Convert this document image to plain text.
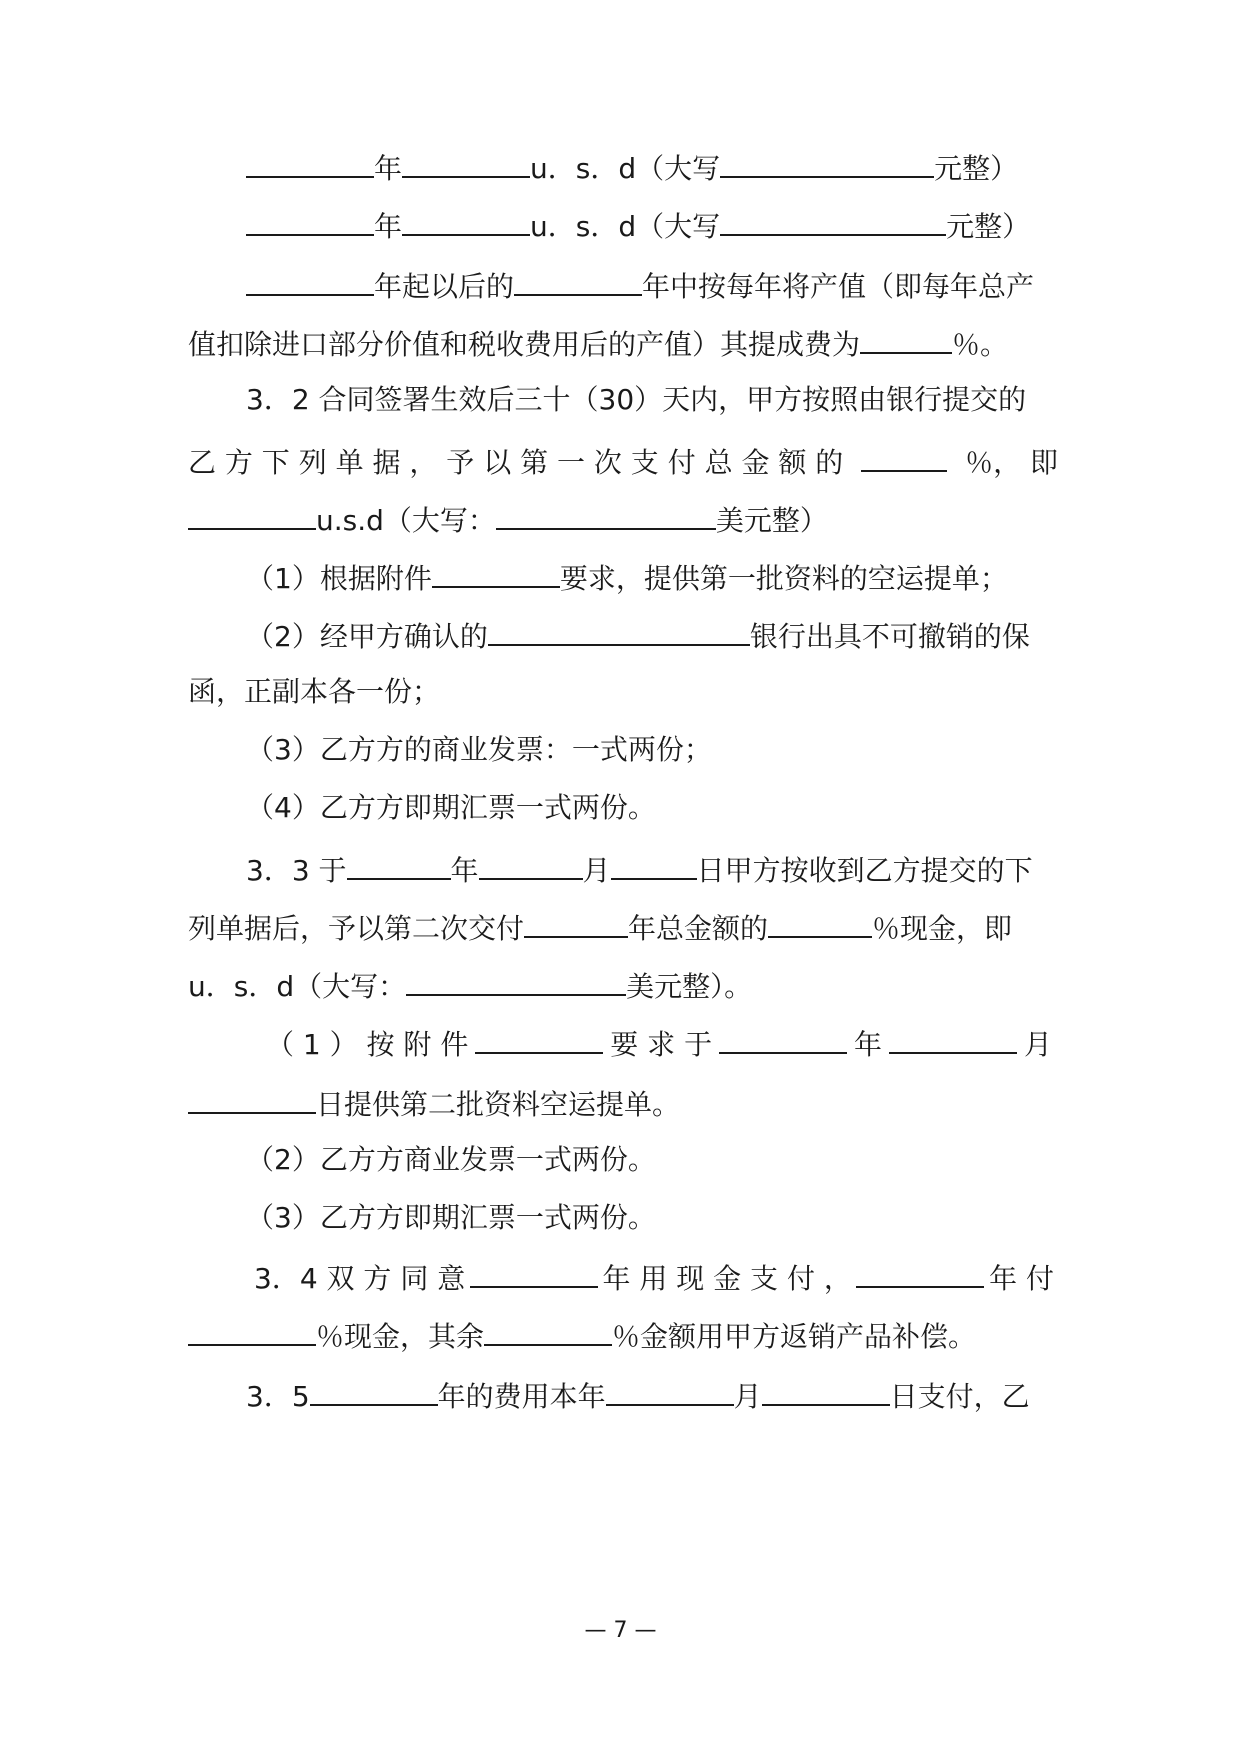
年	u．s．d（大写	元整）
年	u．s．d（大写	元整）
年起以后的	年中按每年将产值（即每年总产
值扣除进口部分价值和税收费用后的产值）其提成费为	％。
3．2 合同签署生效后三十（30）天内，甲方按照由银行提交的
乙 方 下 列 单 据 ， 予 以 第 一 次 支 付 总 金 额 的	％， 即
u.s.d（大写：	美元整）
（1）根据附件	要求，提供第一批资料的空运提单；
（2）经甲方确认的	银行出具不可撤销的保
函，正副本各一份；
（3）乙方方的商业发票：一式两份；
（4）乙方方即期汇票一式两份。
3．3 于	年	月	日甲方按收到乙方提交的下
列单据后，予以第二次交付	年总金额的	％现金，即
u．s．d（大写：	美元整）。
（ 1 ） 按 附 件	要 求 于	年	月
日提供第二批资料空运提单。
（2）乙方方商业发票一式两份。
（3）乙方方即期汇票一式两份。
3．4 双 方 同 意	年 用 现 金 支 付 ，	年 付
％现金，其余	％金额用甲方返销产品补偿。
3．5	年的费用本年	月	日支付，乙
— 7 —
